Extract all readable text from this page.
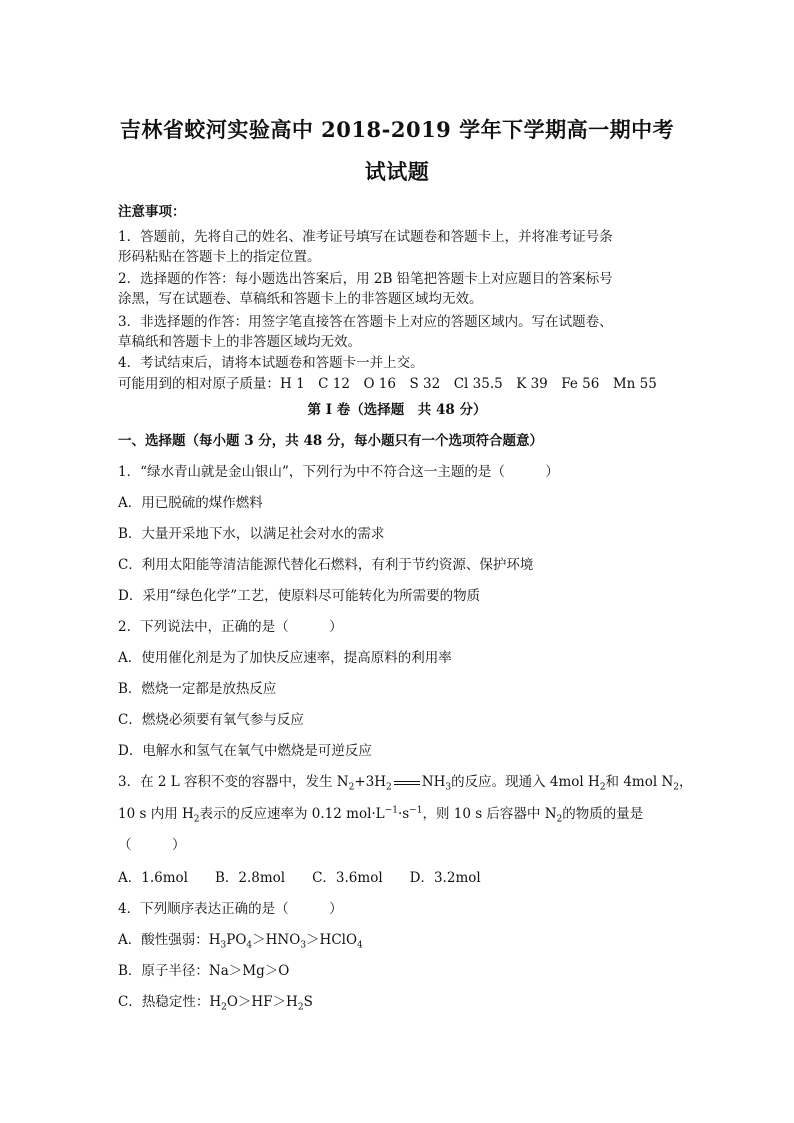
吉林省蛟河实验高中 2018-2019 学年下学期高一期中考
试试题
注意事项：
1．答题前，先将自己的姓名、准考证号填写在试题卷和答题卡上，并将准考证号条
形码粘贴在答题卡上的指定位置。
2．选择题的作答：每小题选出答案后，用 2B 铅笔把答题卡上对应题目的答案标号
涂黑，写在试题卷、草稿纸和答题卡上的非答题区域均无效。
3．非选择题的作答：用签字笔直接答在答题卡上对应的答题区域内。写在试题卷、
草稿纸和答题卡上的非答题区域均无效。
4．考试结束后，请将本试题卷和答题卡一并上交。
可能用到的相对原子质量：H 1　C 12　O 16　S 32　Cl 35.5　K 39　Fe 56　Mn 55
第 I 卷（选择题　共 48 分）
一、选择题（每小题 3 分，共 48 分，每小题只有一个选项符合题意）
1．“绿水青山就是金山银山”，下列行为中不符合这一主题的是（　　　）
A．用已脱硫的煤作燃料
B．大量开采地下水，以满足社会对水的需求
C．利用太阳能等清洁能源代替化石燃料，有利于节约资源、保护环境
D．采用“绿色化学”工艺，使原料尽可能转化为所需要的物质
2．下列说法中，正确的是（　　　）
A．使用催化剂是为了加快反应速率，提高原料的利用率
B．燃烧一定都是放热反应
C．燃烧必须要有氧气参与反应
D．电解水和氢气在氧气中燃烧是可逆反应
3．在 2 L 容积不变的容器中，发生 $N_2+3H_2$ $NH_3$的反应。现通入 4mol $H_2$和 4mol $N_2$，
10 s 内用 $H_2$表示的反应速率为 0.12 $mol\cdot L^{-1}\cdot s^{-1}$，则 10 s 后容器中 $N_2$的物质的量是
（　　　）
A．1.6mol　　B．2.8mol　　C．3.6mol　　D．3.2mol
4．下列顺序表达正确的是（　　　）
A．酸性强弱：$H_3PO_4>HNO_3>HClO_4$
B．原子半径：Na＞Mg＞O
C．热稳定性：$H_2O>HF>H_2S$
